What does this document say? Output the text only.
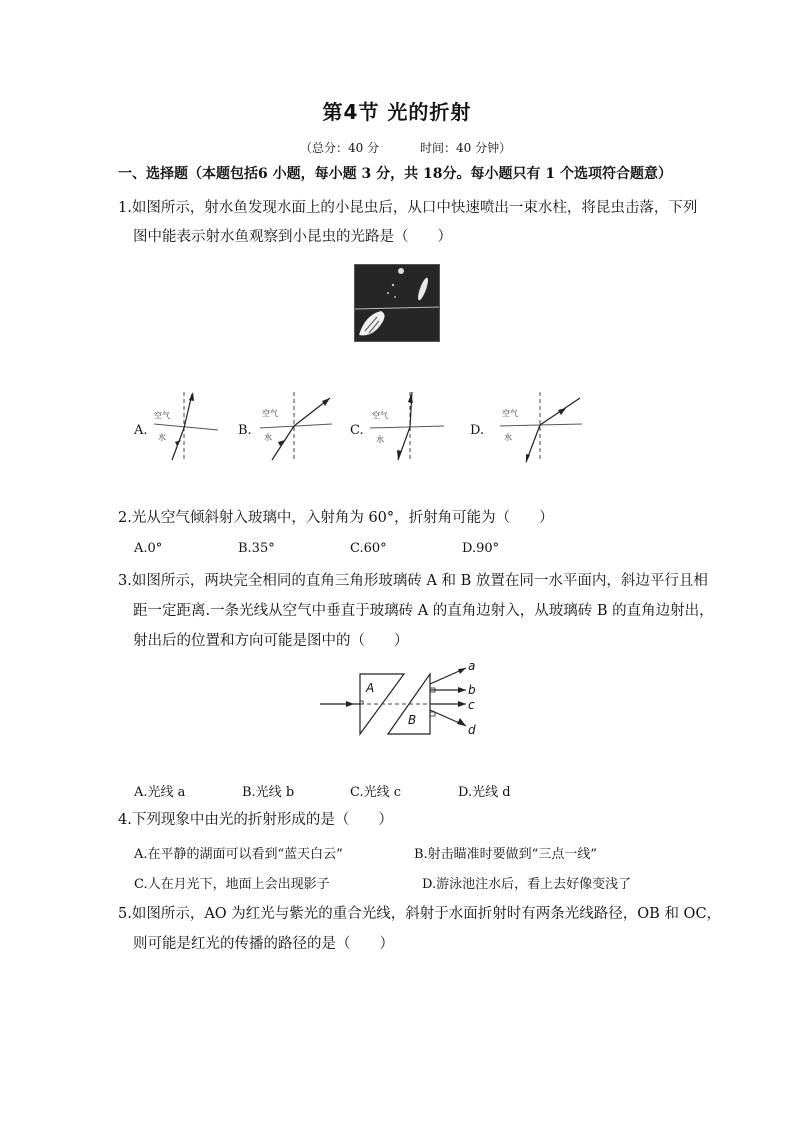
第4节 光的折射
（总分：40 分	时间：40 分钟）
一、选择题（本题包括6 小题，每小题 3 分，共 18分。每小题只有 1 个选项符合题意）
1.如图所示，射水鱼发现水面上的小昆虫后，从口中快速喷出一束水柱，将昆虫击落，下列
图中能表示射水鱼观察到小昆虫的光路是（　　）
A.
空气
水	B.
空气
水	C.
空气
水
D.
空气
水
2.光从空气倾斜射入玻璃中，入射角为 60°，折射角可能为（　　）
A.0°	B.35°	C.60°	D.90°
3.如图所示，两块完全相同的直角三角形玻璃砖 A 和 B 放置在同一水平面内，斜边平行且相
距一定距离.一条光线从空气中垂直于玻璃砖 A 的直角边射入，从玻璃砖 B 的直角边射出，
射出后的位置和方向可能是图中的（　　）
A
B
a
b
c
d
A.光线 a	B.光线 b	C.光线 c	D.光线 d
4.下列现象中由光的折射形成的是（　　）
A.在平静的湖面可以看到“蓝天白云”	B.射击瞄准时要做到“三点一线”
C.人在月光下，地面上会出现影子	D.游泳池注水后，看上去好像变浅了
5.如图所示，AO 为红光与紫光的重合光线，斜射于水面折射时有两条光线路径，OB 和 OC，
则可能是红光的传播的路径的是（　　）
